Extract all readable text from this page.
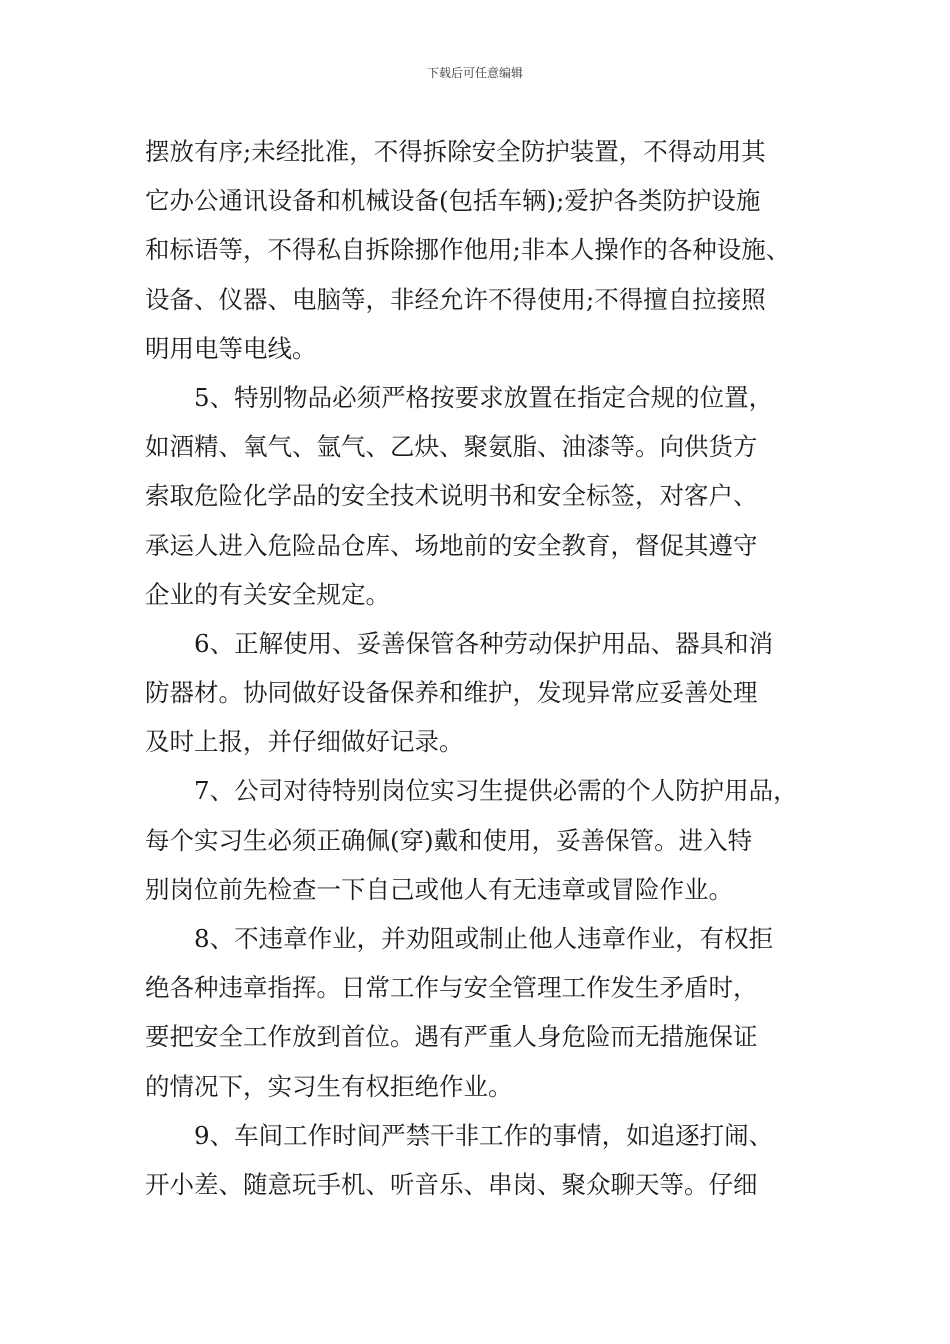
下载后可任意编辑
摆放有序;未经批准，不得拆除安全防护装置，不得动用其
它办公通讯设备和机械设备(包括车辆);爱护各类防护设施
和标语等，不得私自拆除挪作他用;非本人操作的各种设施、
设备、仪器、电脑等，非经允许不得使用;不得擅自拉接照
明用电等电线。
5、特别物品必须严格按要求放置在指定合规的位置，
如酒精、氧气、氩气、乙炔、聚氨脂、油漆等。向供货方
索取危险化学品的安全技术说明书和安全标签，对客户、
承运人进入危险品仓库、场地前的安全教育，督促其遵守
企业的有关安全规定。
6、正解使用、妥善保管各种劳动保护用品、器具和消
防器材。协同做好设备保养和维护，发现异常应妥善处理
及时上报，并仔细做好记录。
7、公司对待特别岗位实习生提供必需的个人防护用品，
每个实习生必须正确佩(穿)戴和使用，妥善保管。进入特
别岗位前先检查一下自己或他人有无违章或冒险作业。
8、不违章作业，并劝阻或制止他人违章作业，有权拒
绝各种违章指挥。日常工作与安全管理工作发生矛盾时，
要把安全工作放到首位。遇有严重人身危险而无措施保证
的情况下，实习生有权拒绝作业。
9、车间工作时间严禁干非工作的事情，如追逐打闹、
开小差、随意玩手机、听音乐、串岗、聚众聊天等。仔细
